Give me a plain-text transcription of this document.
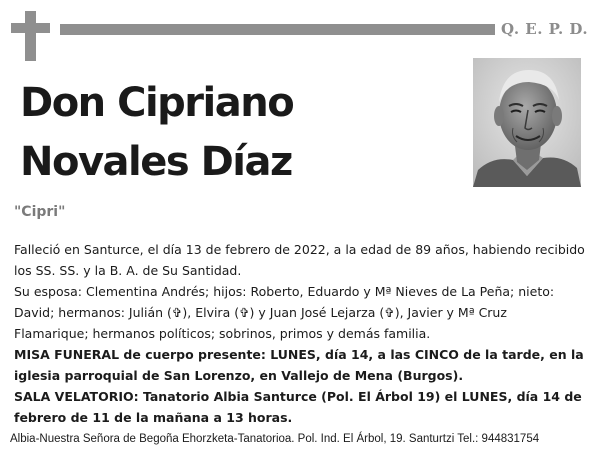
Q. E. P. D.
Don Cipriano
Novales Díaz
"Cipri"
Falleció en Santurce, el día 13 de febrero de 2022, a la edad de 89 años, habiendo recibido
los SS. SS. y la B. A. de Su Santidad.
Su esposa: Clementina Andrés; hijos: Roberto, Eduardo y Mª Nieves de La Peña; nieto:
David; hermanos: Julián (✞), Elvira (✞) y Juan José Lejarza (✞), Javier y Mª Cruz
Flamarique; hermanos políticos; sobrinos, primos y demás familia.
MISA FUNERAL de cuerpo presente: LUNES, día 14, a las CINCO de la tarde, en la
iglesia parroquial de San Lorenzo, en Vallejo de Mena (Burgos).
SALA VELATORIO: Tanatorio Albia Santurce (Pol. El Árbol 19) el LUNES, día 14 de
febrero de 11 de la mañana a 13 horas.
Albia-Nuestra Señora de Begoña Ehorzketa-Tanatorioa. Pol. Ind. El Árbol, 19. Santurtzi Tel.: 944831754
